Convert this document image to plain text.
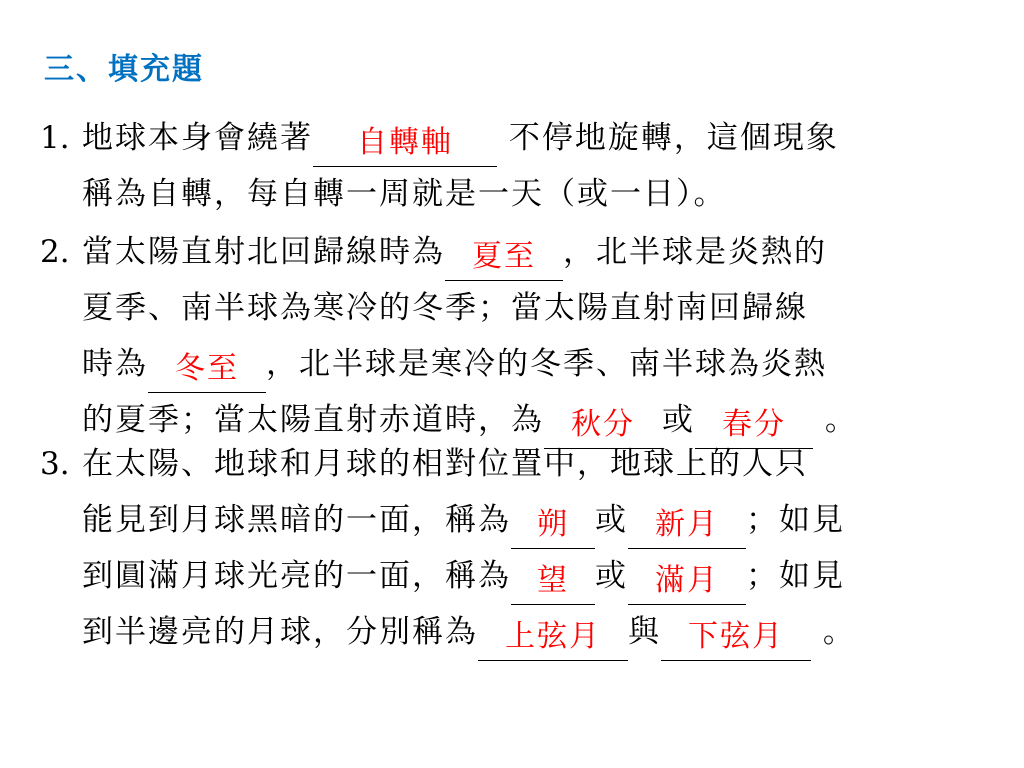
三、填充題
1. 地球本身會繞著 自轉軸 不停地旋轉，這個現象
稱為自轉，每自轉一周就是一天（或一日）。
2. 當太陽直射北回歸線時為 夏至 ，北半球是炎熱的
夏季、南半球為寒冷的冬季；當太陽直射南回歸線
時為 冬至 ，北半球是寒冷的冬季、南半球為炎熱
的夏季；當太陽直射赤道時，為 秋分 或 春分 。
3. 在太陽、地球和月球的相對位置中，地球上的人只
能見到月球黑暗的一面，稱為 朔 或 新月 ；如見
到圓滿月球光亮的一面，稱為 望 或 滿月 ；如見
到半邊亮的月球，分別稱為 上弦月 與 下弦月 。
